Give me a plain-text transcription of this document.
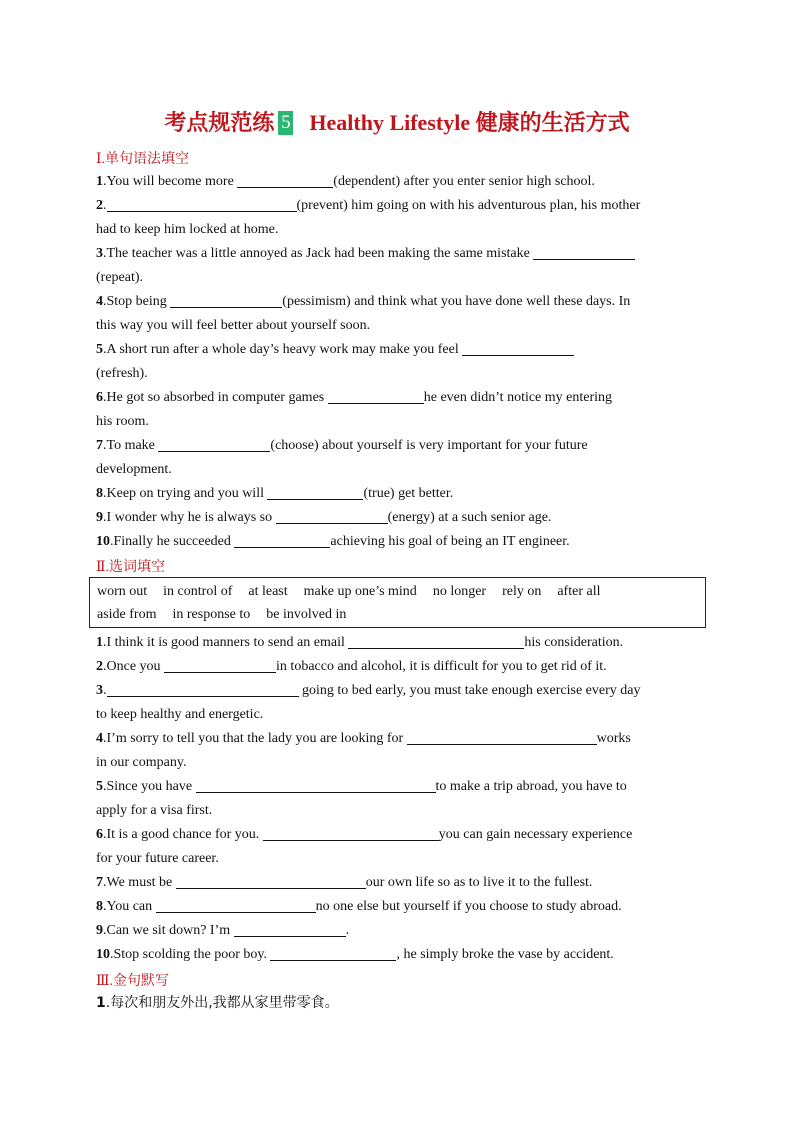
考点规范练 5 Healthy Lifestyle 健康的生活方式
Ⅰ.单句语法填空
1.You will become more	(dependent) after you enter senior high school.
2.	(prevent) him going on with his adventurous plan, his mother
had to keep him locked at home.
3.The teacher was a little annoyed as Jack had been making the same mistake
(repeat).
4.Stop being	(pessimism) and think what you have done well these days. In
this way you will feel better about yourself soon.
5.A short run after a whole day’s heavy work may make you feel
(refresh).
6.He got so absorbed in computer games	he even didn’t notice my entering
his room.
7.To make	(choose) about yourself is very important for your future
development.
8.Keep on trying and you will	(true) get better.
9.I wonder why he is always so	(energy) at a such senior age.
10.Finally he succeeded	achieving his goal of being an IT engineer.
Ⅱ.选词填空
worn out in control of at least make up one’s mind no longer rely on after all
aside from in response to be involved in
1.I think it is good manners to send an email	his consideration.
2.Once you	in tobacco and alcohol, it is difficult for you to get rid of it.
3.	going to bed early, you must take enough exercise every day
to keep healthy and energetic.
4.I’m sorry to tell you that the lady you are looking for	works
in our company.
5.Since you have	to make a trip abroad, you have to
apply for a visa first.
6.It is a good chance for you.	you can gain necessary experience
for your future career.
7.We must be	our own life so as to live it to the fullest.
8.You can	no one else but yourself if you choose to study abroad.
9.Can we sit down? I’m	.
10.Stop scolding the poor boy.	, he simply broke the vase by accident.
Ⅲ.金句默写
1.每次和朋友外出,我都从家里带零食。
